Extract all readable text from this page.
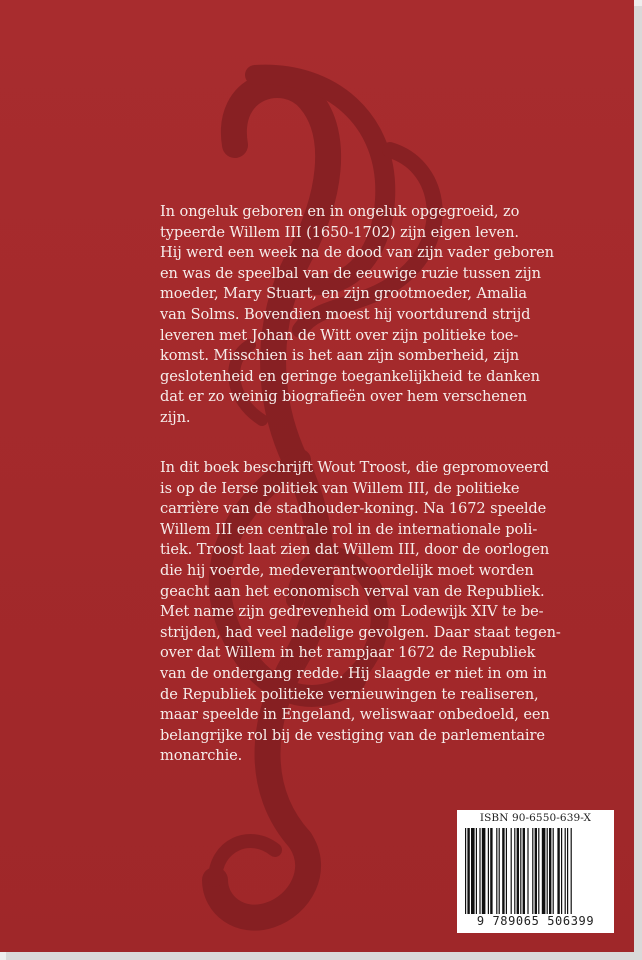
In ongeluk geboren en in ongeluk opgegroeid, zo
typeerde Willem III (1650-1702) zijn eigen leven.
Hij werd een week na de dood van zijn vader geboren
en was de speelbal van de eeuwige ruzie tussen zijn
moeder, Mary Stuart, en zijn grootmoeder, Amalia
van Solms. Bovendien moest hij voortdurend strijd
leveren met Johan de Witt over zijn politieke toe-
komst. Misschien is het aan zijn somberheid, zijn
geslotenheid en geringe toegankelijkheid te danken
dat er zo weinig biografieën over hem verschenen
zijn.
In dit boek beschrijft Wout Troost, die gepromoveerd
is op de Ierse politiek van Willem III, de politieke
carrière van de stadhouder-koning. Na 1672 speelde
Willem III een centrale rol in de internationale poli-
tiek. Troost laat zien dat Willem III, door de oorlogen
die hij voerde, medeverantwoordelijk moet worden
geacht aan het economisch verval van de Republiek.
Met name zijn gedrevenheid om Lodewijk XIV te be-
strijden, had veel nadelige gevolgen. Daar staat tegen-
over dat Willem in het rampjaar 1672 de Republiek
van de ondergang redde. Hij slaagde er niet in om in
de Republiek politieke vernieuwingen te realiseren,
maar speelde in Engeland, weliswaar onbedoeld, een
belangrijke rol bij de vestiging van de parlementaire
monarchie.
ISBN 90-6550-639-X
9 789065 506399
